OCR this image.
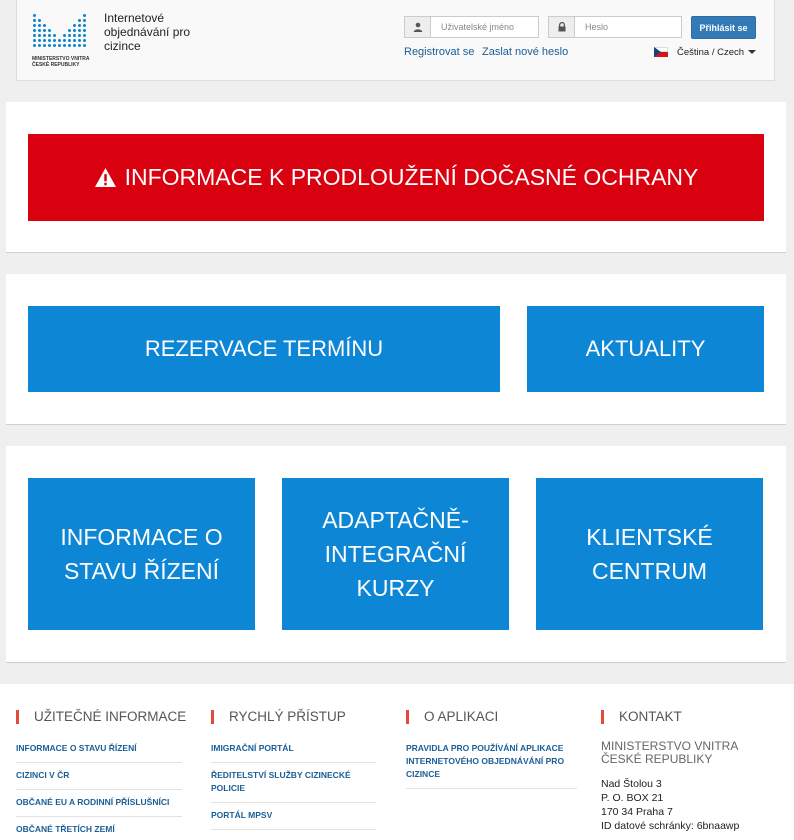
MINISTERSTVO VNITRA ČESKÉ REPUBLIKY
Internetové objednávání pro cizince
Uživatelské jméno
Přihlásit se
Registrovat se Zaslat nové heslo	Čeština / Czech
INFORMACE K PRODLOUŽENÍ DOČASNÉ OCHRANY
REZERVACE TERMÍNU	AKTUALITY
INFORMACE O
STAVU ŘÍZENÍ
ADAPTAČNĚ-
INTEGRAČNÍ
KURZY
KLIENTSKÉ
CENTRUM
UŽITEČNÉ INFORMACE
INFORMACE O STAVU ŘÍZENÍ
CIZINCI V ČR
OBČANÉ EU A RODINNÍ PŘÍSLUŠNÍCI
OBČANÉ TŘETÍCH ZEMÍ
RYCHLÝ PŘÍSTUP
IMIGRAČNÍ PORTÁL
ŘEDITELSTVÍ SLUŽBY CIZINECKÉ POLICIE
PORTÁL MPSV
O APLIKACI
PRAVIDLA PRO POUŽÍVÁNÍ APLIKACE INTERNETOVÉHO OBJEDNÁVÁNÍ PRO CIZINCE
KONTAKT
MINISTERSTVO VNITRA ČESKÉ REPUBLIKY
Nad Štolou 3
P. O. BOX 21
170 34 Praha 7
ID datové schránky: 6bnaawp
